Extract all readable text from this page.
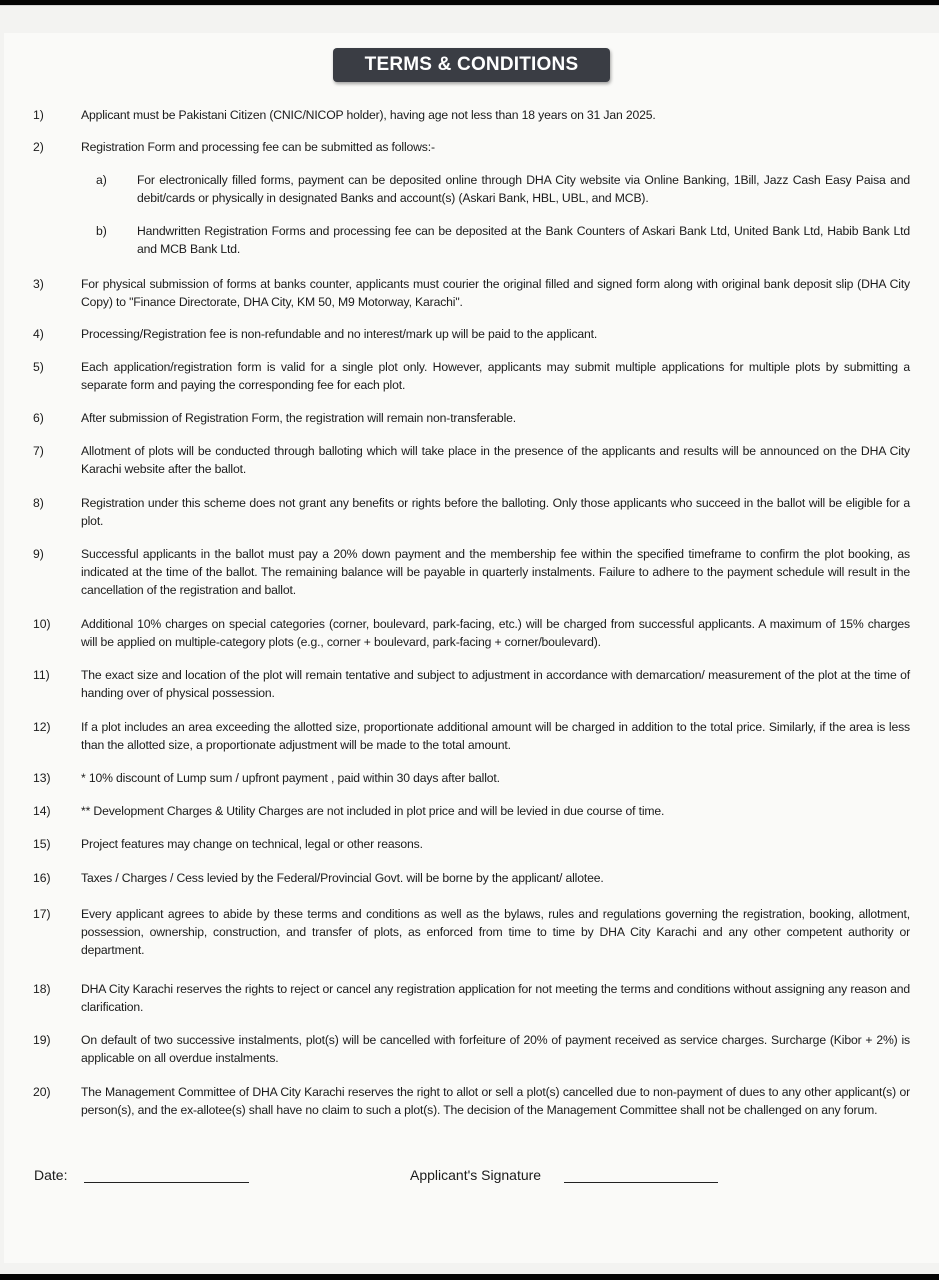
TERMS & CONDITIONS
1)	Applicant must be Pakistani Citizen (CNIC/NICOP holder), having age not less than 18 years on 31 Jan 2025.
2)	Registration Form and processing fee can be submitted as follows:-
a) For electronically filled forms, payment can be deposited online through DHA City website via Online Banking, 1Bill, Jazz Cash Easy Paisa and debit/cards or physically in designated Banks and account(s) (Askari Bank, HBL, UBL, and MCB).
b) Handwritten Registration Forms and processing fee can be deposited at the Bank Counters of Askari Bank Ltd, United Bank Ltd, Habib Bank Ltd and MCB Bank Ltd.
3)	For physical submission of forms at banks counter, applicants must courier the original filled and signed form along with original bank deposit slip (DHA City Copy) to "Finance Directorate, DHA City, KM 50, M9 Motorway, Karachi".
4)	Processing/Registration fee is non-refundable and no interest/mark up will be paid to the applicant.
5)	Each application/registration form is valid for a single plot only. However, applicants may submit multiple applications for multiple plots by submitting a separate form and paying the corresponding fee for each plot.
6)	After submission of Registration Form, the registration will remain non-transferable.
7)	Allotment of plots will be conducted through balloting which will take place in the presence of the applicants and results will be announced on the DHA City Karachi website after the ballot.
8)	Registration under this scheme does not grant any benefits or rights before the balloting. Only those applicants who succeed in the ballot will be eligible for a plot.
9)	Successful applicants in the ballot must pay a 20% down payment and the membership fee within the specified timeframe to confirm the plot booking, as indicated at the time of the ballot. The remaining balance will be payable in quarterly instalments. Failure to adhere to the payment schedule will result in the cancellation of the registration and ballot.
10) Additional 10% charges on special categories (corner, boulevard, park-facing, etc.) will be charged from successful applicants. A maximum of 15% charges will be applied on multiple-category plots (e.g., corner + boulevard, park-facing + corner/boulevard).
11)	The exact size and location of the plot will remain tentative and subject to adjustment in accordance with demarcation/ measurement of the plot at the time of handing over of physical possession.
12) If a plot includes an area exceeding the allotted size, proportionate additional amount will be charged in addition to the total price. Similarly, if the area is less than the allotted size, a proportionate adjustment will be made to the total amount.
13) * 10% discount of Lump sum / upfront payment , paid within 30 days after ballot.
14) ** Development Charges & Utility Charges are not included in plot price and will be levied in due course of time.
15) Project features may change on technical, legal or other reasons.
16) Taxes / Charges / Cess levied by the Federal/Provincial Govt. will be borne by the applicant/ allotee.
17) Every applicant agrees to abide by these terms and conditions as well as the bylaws, rules and regulations governing the registration, booking, allotment, possession, ownership, construction, and transfer of plots, as enforced from time to time by DHA City Karachi and any other competent authority or department.
18) DHA City Karachi reserves the rights to reject or cancel any registration application for not meeting the terms and conditions without assigning any reason and clarification.
19) On default of two successive instalments, plot(s) will be cancelled with forfeiture of 20% of payment received as service charges. Surcharge (Kibor + 2%) is applicable on all overdue instalments.
20) The Management Committee of DHA City Karachi reserves the right to allot or sell a plot(s) cancelled due to non-payment of dues to any other applicant(s) or person(s), and the ex-allotee(s) shall have no claim to such a plot(s). The decision of the Management Committee shall not be challenged on any forum.
Date:	Applicant's Signature
